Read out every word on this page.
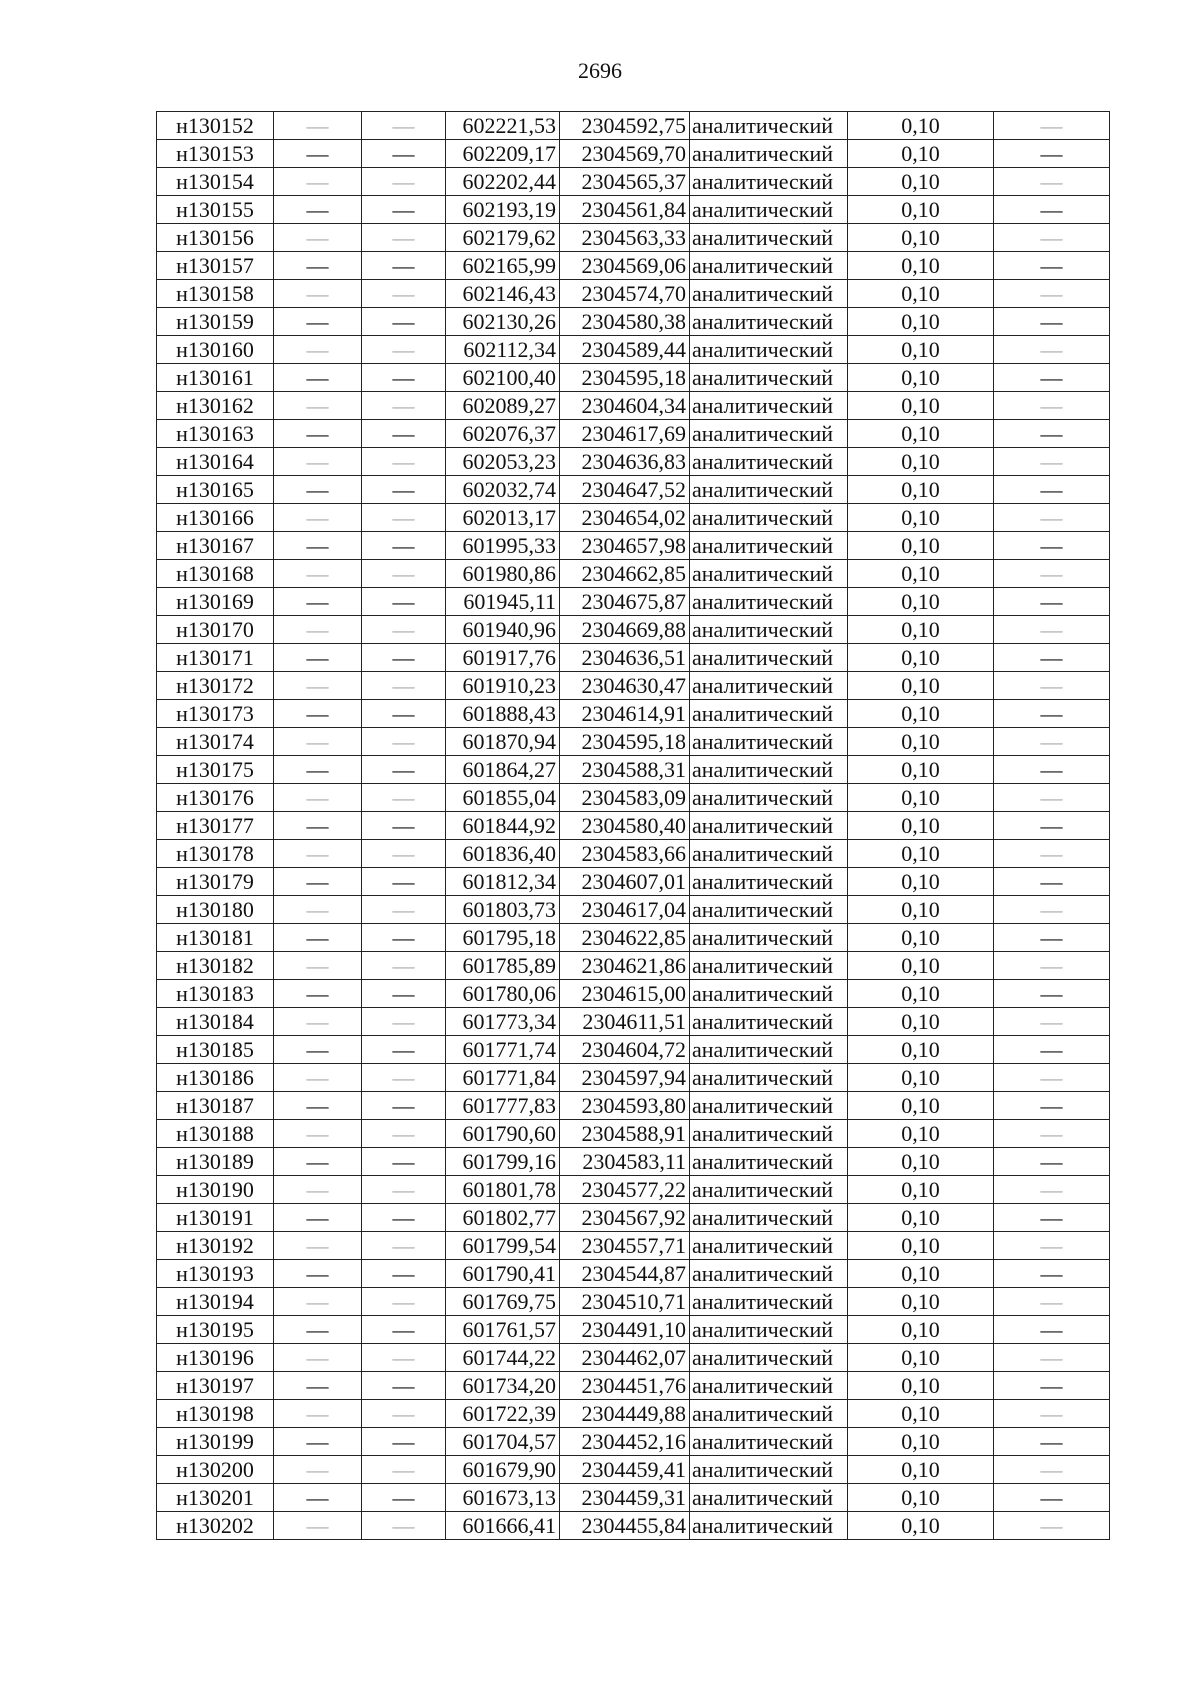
2696
н130152	—	—	602221,53	2304592,75	аналитический	0,10	—
н130153	—	—	602209,17	2304569,70	аналитический	0,10	—
н130154	—	—	602202,44	2304565,37	аналитический	0,10	—
н130155	—	—	602193,19	2304561,84	аналитический	0,10	—
н130156	—	—	602179,62	2304563,33	аналитический	0,10	—
н130157	—	—	602165,99	2304569,06	аналитический	0,10	—
н130158	—	—	602146,43	2304574,70	аналитический	0,10	—
н130159	—	—	602130,26	2304580,38	аналитический	0,10	—
н130160	—	—	602112,34	2304589,44	аналитический	0,10	—
н130161	—	—	602100,40	2304595,18	аналитический	0,10	—
н130162	—	—	602089,27	2304604,34	аналитический	0,10	—
н130163	—	—	602076,37	2304617,69	аналитический	0,10	—
н130164	—	—	602053,23	2304636,83	аналитический	0,10	—
н130165	—	—	602032,74	2304647,52	аналитический	0,10	—
н130166	—	—	602013,17	2304654,02	аналитический	0,10	—
н130167	—	—	601995,33	2304657,98	аналитический	0,10	—
н130168	—	—	601980,86	2304662,85	аналитический	0,10	—
н130169	—	—	601945,11	2304675,87	аналитический	0,10	—
н130170	—	—	601940,96	2304669,88	аналитический	0,10	—
н130171	—	—	601917,76	2304636,51	аналитический	0,10	—
н130172	—	—	601910,23	2304630,47	аналитический	0,10	—
н130173	—	—	601888,43	2304614,91	аналитический	0,10	—
н130174	—	—	601870,94	2304595,18	аналитический	0,10	—
н130175	—	—	601864,27	2304588,31	аналитический	0,10	—
н130176	—	—	601855,04	2304583,09	аналитический	0,10	—
н130177	—	—	601844,92	2304580,40	аналитический	0,10	—
н130178	—	—	601836,40	2304583,66	аналитический	0,10	—
н130179	—	—	601812,34	2304607,01	аналитический	0,10	—
н130180	—	—	601803,73	2304617,04	аналитический	0,10	—
н130181	—	—	601795,18	2304622,85	аналитический	0,10	—
н130182	—	—	601785,89	2304621,86	аналитический	0,10	—
н130183	—	—	601780,06	2304615,00	аналитический	0,10	—
н130184	—	—	601773,34	2304611,51	аналитический	0,10	—
н130185	—	—	601771,74	2304604,72	аналитический	0,10	—
н130186	—	—	601771,84	2304597,94	аналитический	0,10	—
н130187	—	—	601777,83	2304593,80	аналитический	0,10	—
н130188	—	—	601790,60	2304588,91	аналитический	0,10	—
н130189	—	—	601799,16	2304583,11	аналитический	0,10	—
н130190	—	—	601801,78	2304577,22	аналитический	0,10	—
н130191	—	—	601802,77	2304567,92	аналитический	0,10	—
н130192	—	—	601799,54	2304557,71	аналитический	0,10	—
н130193	—	—	601790,41	2304544,87	аналитический	0,10	—
н130194	—	—	601769,75	2304510,71	аналитический	0,10	—
н130195	—	—	601761,57	2304491,10	аналитический	0,10	—
н130196	—	—	601744,22	2304462,07	аналитический	0,10	—
н130197	—	—	601734,20	2304451,76	аналитический	0,10	—
н130198	—	—	601722,39	2304449,88	аналитический	0,10	—
н130199	—	—	601704,57	2304452,16	аналитический	0,10	—
н130200	—	—	601679,90	2304459,41	аналитический	0,10	—
н130201	—	—	601673,13	2304459,31	аналитический	0,10	—
н130202	—	—	601666,41	2304455,84	аналитический	0,10	—
